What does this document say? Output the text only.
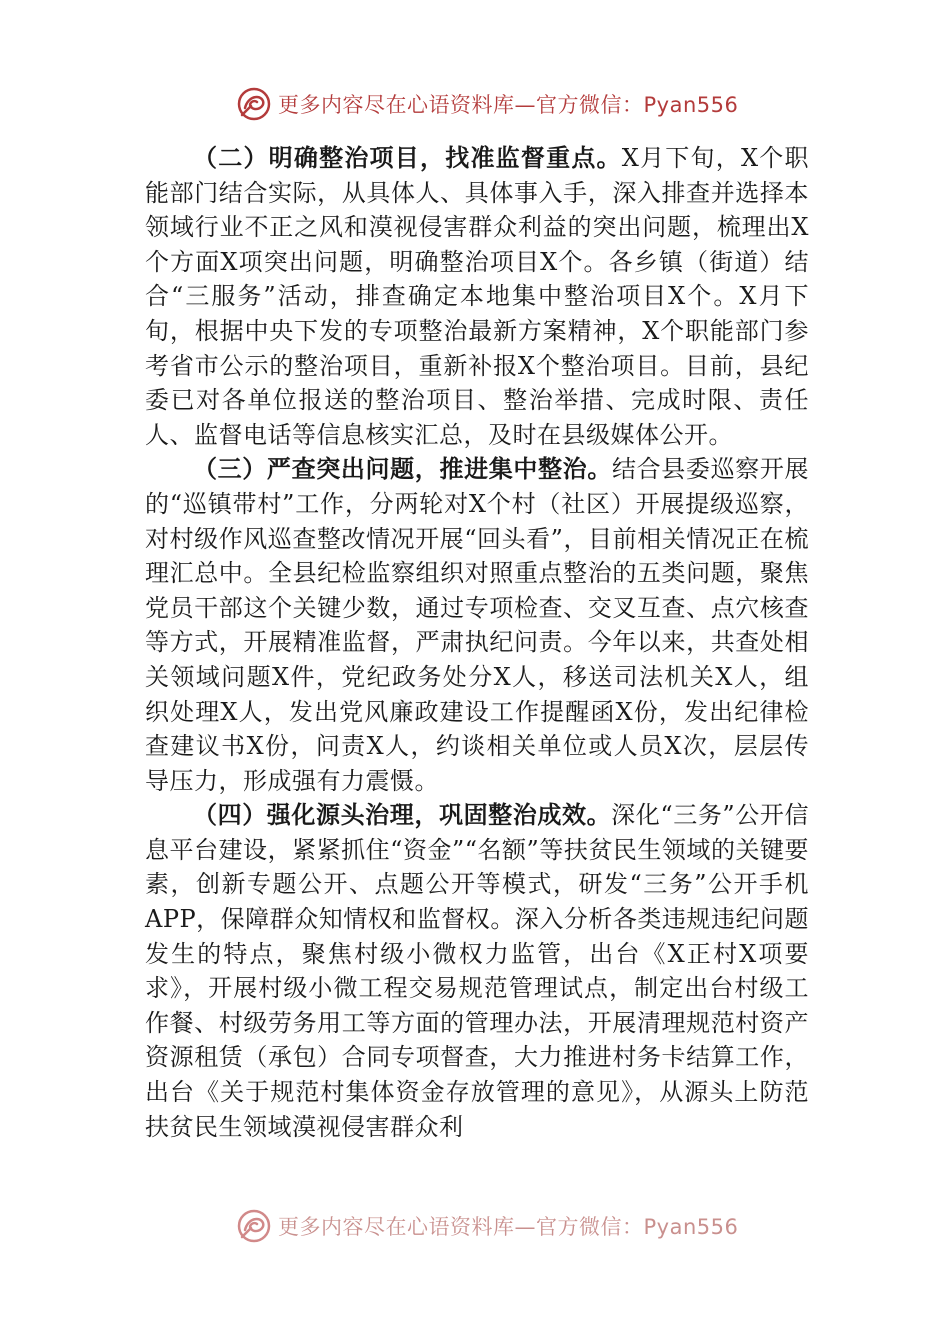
更多内容尽在心语资料库—官方微信：Pyan556

（二）明确整治项目，找准监督重点。X月下旬，X个职能部门结合实际，从具体人、具体事入手，深入排查并选择本领域行业不正之风和漠视侵害群众利益的突出问题，梳理出X个方面X项突出问题，明确整治项目X个。各乡镇（街道）结合“三服务”活动，排查确定本地集中整治项目X个。X月下旬，根据中央下发的专项整治最新方案精神，X个职能部门参考省市公示的整治项目，重新补报X个整治项目。目前，县纪委已对各单位报送的整治项目、整治举措、完成时限、责任人、监督电话等信息核实汇总，及时在县级媒体公开。

（三）严查突出问题，推进集中整治。结合县委巡察开展的“巡镇带村”工作，分两轮对X个村（社区）开展提级巡察，对村级作风巡查整改情况开展“回头看”，目前相关情况正在梳理汇总中。全县纪检监察组织对照重点整治的五类问题，聚焦党员干部这个关键少数，通过专项检查、交叉互查、点穴核查等方式，开展精准监督，严肃执纪问责。今年以来，共查处相关领域问题X件，党纪政务处分X人，移送司法机关X人，组织处理X人，发出党风廉政建设工作提醒函X份，发出纪律检查建议书X份，问责X人，约谈相关单位或人员X次，层层传导压力，形成强有力震慑。

（四）强化源头治理，巩固整治成效。深化“三务”公开信息平台建设，紧紧抓住“资金”“名额”等扶贫民生领域的关键要素，创新专题公开、点题公开等模式，研发“三务”公开手机APP，保障群众知情权和监督权。深入分析各类违规违纪问题发生的特点，聚焦村级小微权力监管，出台《X正村X项要求》，开展村级小微工程交易规范管理试点，制定出台村级工作餐、村级劳务用工等方面的管理办法，开展清理规范村资产资源租赁（承包）合同专项督查，大力推进村务卡结算工作，出台《关于规范村集体资金存放管理的意见》，从源头上防范扶贫民生领域漠视侵害群众利

更多内容尽在心语资料库—官方微信：Pyan556
